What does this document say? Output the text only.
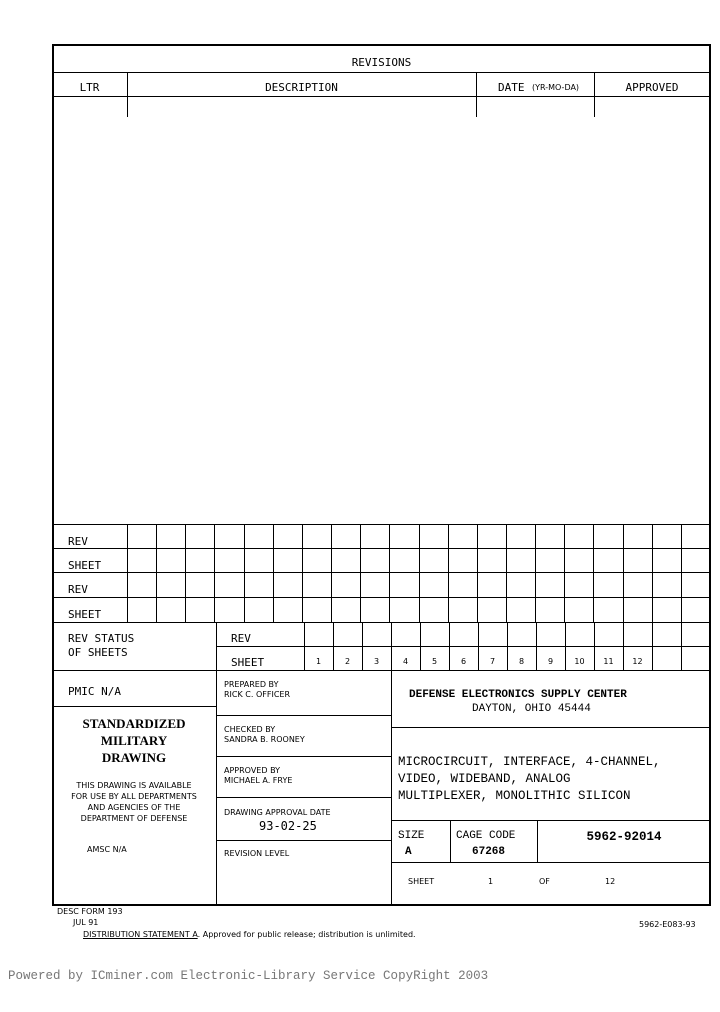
REVISIONS
LTR	DESCRIPTION	DATE (YR-MO-DA)	APPROVED
REV
SHEET
REV
SHEET
REV STATUS
OF SHEETS
REV
SHEET	1	2	3	4	5	6	7	8	9	10	11	12
PMIC N/A
STANDARDIZED
MILITARY
DRAWING
THIS DRAWING IS AVAILABLE
FOR USE BY ALL DEPARTMENTS
AND AGENCIES OF THE
DEPARTMENT OF DEFENSE
AMSC N/A
PREPARED BY
RICK C. OFFICER
CHECKED BY
SANDRA B. ROONEY
APPROVED BY
MICHAEL A. FRYE
DRAWING APPROVAL DATE
93-02-25
REVISION LEVEL
DEFENSE ELECTRONICS SUPPLY CENTER
DAYTON, OHIO 45444
MICROCIRCUIT, INTERFACE, 4-CHANNEL,
VIDEO, WIDEBAND, ANALOG
MULTIPLEXER, MONOLITHIC SILICON
SIZE
A
CAGE CODE
67268
5962-92014
SHEET	1	OF	12
DESC FORM 193
JUL 91
DISTRIBUTION STATEMENT A. Approved for public release; distribution is unlimited.
5962-E083-93
Powered by ICminer.com Electronic-Library Service CopyRight 2003
